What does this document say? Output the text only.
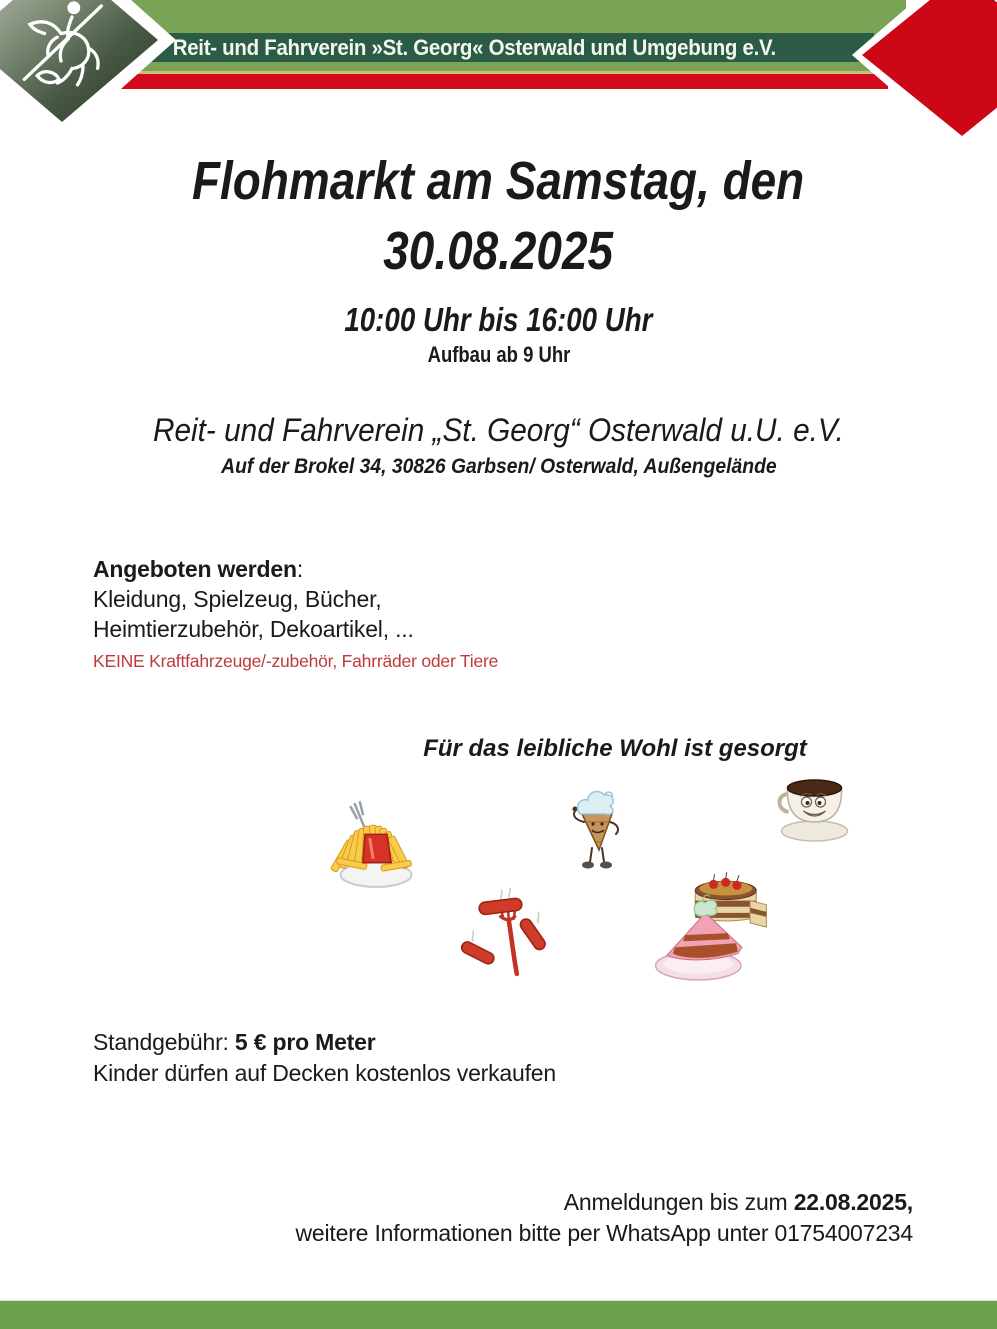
Reit- und Fahrverein »St. Georg« Osterwald und Umgebung e.V.
Flohmarkt am Samstag, den
30.08.2025
10:00 Uhr bis 16:00 Uhr
Aufbau ab 9 Uhr
Reit- und Fahrverein „St. Georg“ Osterwald u.U. e.V.
Auf der Brokel 34, 30826 Garbsen/ Osterwald, Außengelände
Angeboten werden:
Kleidung, Spielzeug, Bücher,
Heimtierzubehör, Dekoartikel, ...
KEINE Kraftfahrzeuge/-zubehör, Fahrräder oder Tiere
Für das leibliche Wohl ist gesorgt
Standgebühr: 5 € pro Meter
Kinder dürfen auf Decken kostenlos verkaufen
Anmeldungen bis zum 22.08.2025,
weitere Informationen bitte per WhatsApp unter 01754007234
